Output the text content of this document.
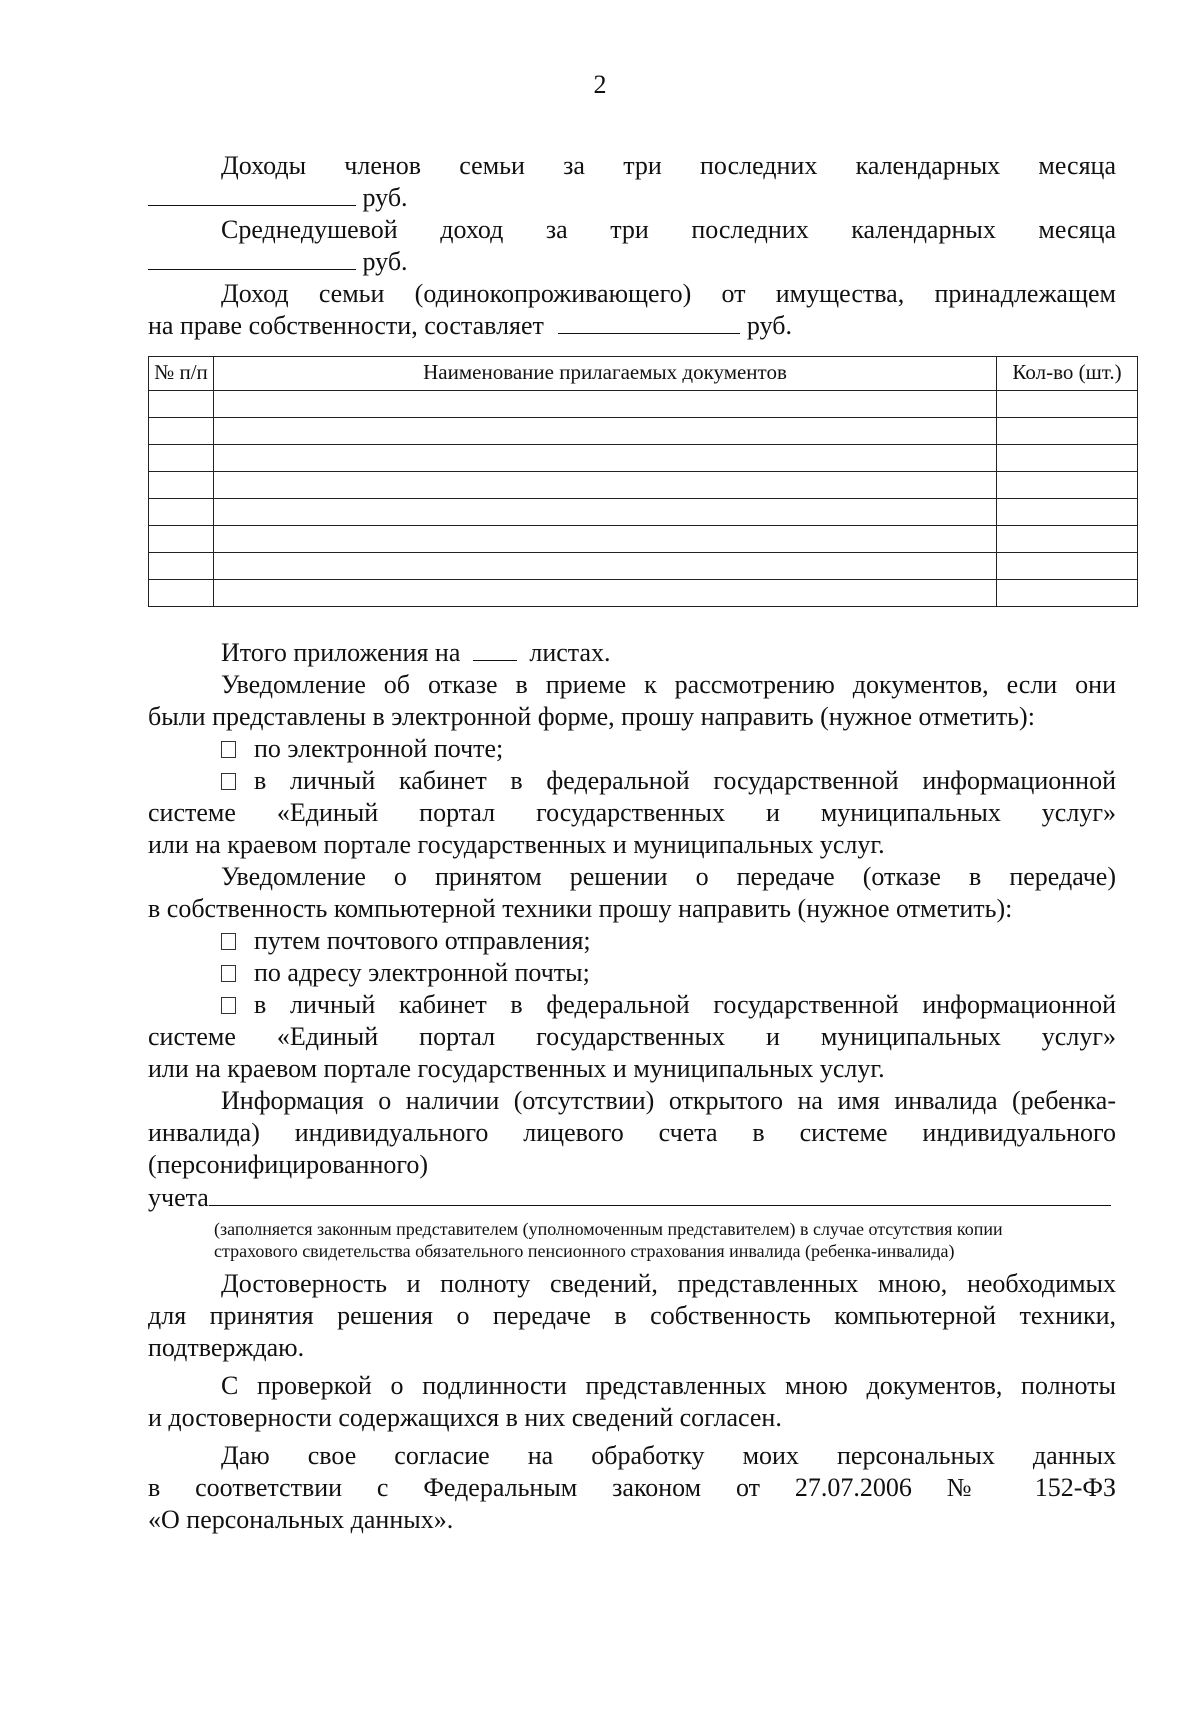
2
Доходы членов семьи за три последних календарных месяца
руб.
Среднедушевой доход за три последних календарных месяца
руб.
Доход семьи (одинокопроживающего) от имущества, принадлежащем
на праве собственности, составляет	руб.
№ п/п	Наименование прилагаемых документов	Кол-во (шт.)

Итого приложения на	листах.
Уведомление об отказе в приеме к рассмотрению документов, если они
были представлены в электронной форме, прошу направить (нужное отметить):
по электронной почте;
в личный кабинет в федеральной государственной информационной
системе «Единый портал государственных и муниципальных услуг»
или на краевом портале государственных и муниципальных услуг.
Уведомление о принятом решении о передаче (отказе в передаче)
в собственность компьютерной техники прошу направить (нужное отметить):
путем почтового отправления;
по адресу электронной почты;
в личный кабинет в федеральной государственной информационной
системе «Единый портал государственных и муниципальных услуг»
или на краевом портале государственных и муниципальных услуг.
Информация о наличии (отсутствии) открытого на имя инвалида (ребенка-
инвалида) индивидуального лицевого счета в системе индивидуального
(персонифицированного)
учета
(заполняется законным представителем (уполномоченным представителем) в случае отсутствия копии
страхового свидетельства обязательного пенсионного страхования инвалида (ребенка-инвалида)
Достоверность и полноту сведений, представленных мною, необходимых
для принятия решения о передаче в собственность компьютерной техники,
подтверждаю.
С проверкой о подлинности представленных мною документов, полноты
и достоверности содержащихся в них сведений согласен.
Даю свое согласие на обработку моих персональных данных
в соответствии с Федеральным законом от 27.07.2006 № 152-ФЗ
«О персональных данных».
